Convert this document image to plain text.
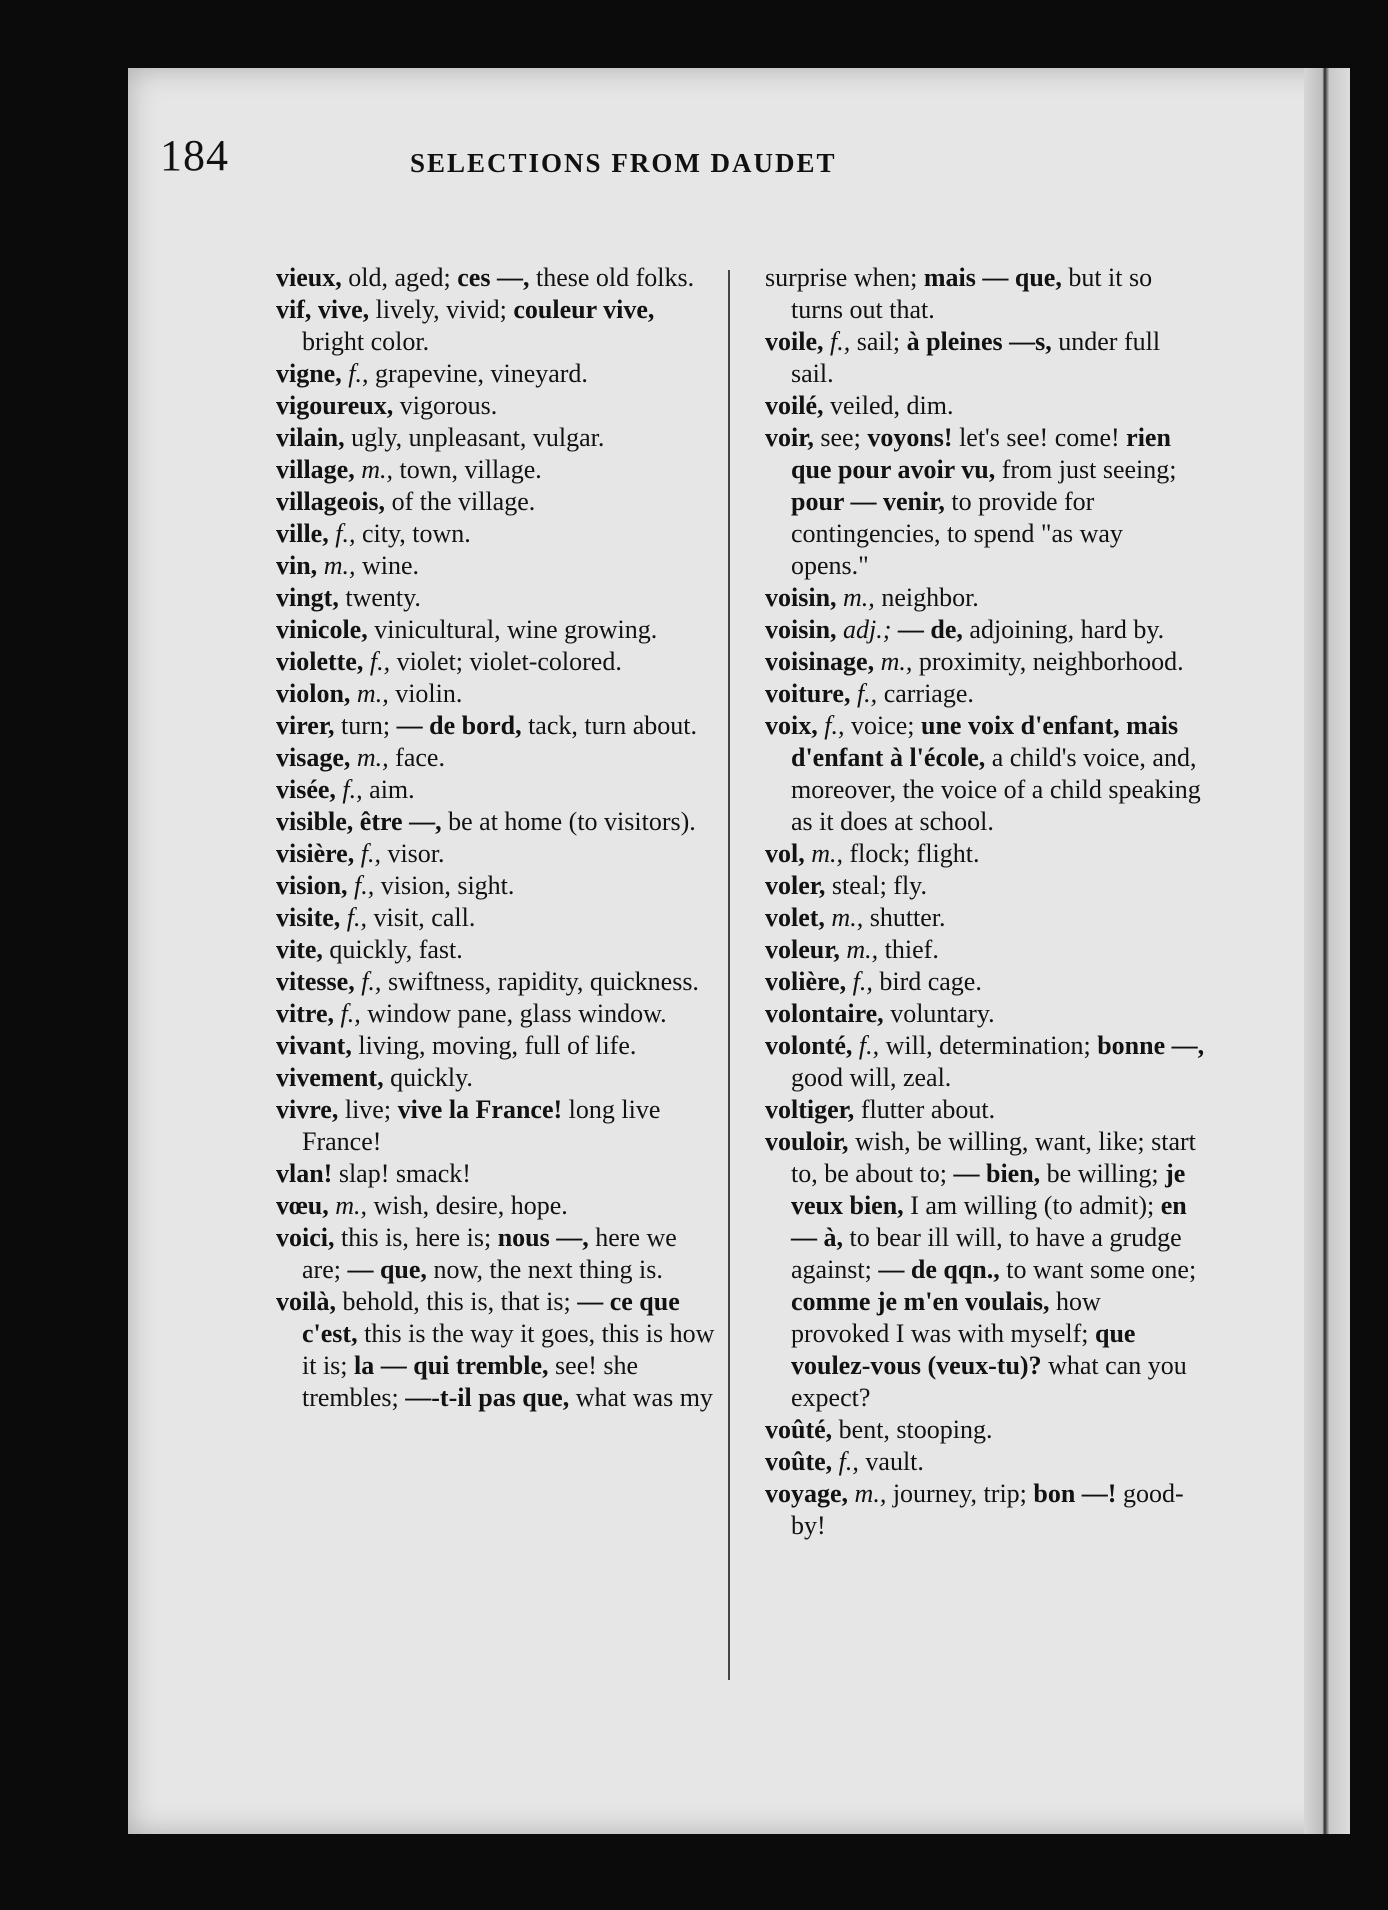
184	SELECTIONS FROM DAUDET

vieux, old, aged; ces —, these old folks.

vif, vive, lively, vivid; couleur vive, bright color.

vigne, f., grapevine, vineyard.

vigoureux, vigorous.

vilain, ugly, unpleasant, vulgar.

village, m., town, village.

villageois, of the village.

ville, f., city, town.

vin, m., wine.

vingt, twenty.

vinicole, vinicultural, wine growing.

violette, f., violet; violet-colored.

violon, m., violin.

virer, turn; — de bord, tack, turn about.

visage, m., face.

visée, f., aim.

visible, être —, be at home (to visitors).

visière, f., visor.

vision, f., vision, sight.

visite, f., visit, call.

vite, quickly, fast.

vitesse, f., swiftness, rapidity, quickness.

vitre, f., window pane, glass window.

vivant, living, moving, full of life.

vivement, quickly.

vivre, live; vive la France! long live France!

vlan! slap! smack!

vœu, m., wish, desire, hope.

voici, this is, here is; nous —, here we are; — que, now, the next thing is.

voilà, behold, this is, that is; — ce que c'est, this is the way it goes, this is how it is; la — qui tremble, see! she trembles; —-t-il pas que, what was my

surprise when; mais — que, but it so turns out that.

voile, f., sail; à pleines —s, under full sail.

voilé, veiled, dim.

voir, see; voyons! let's see! come! rien que pour avoir vu, from just seeing; pour — venir, to provide for contingencies, to spend "as way opens."

voisin, m., neighbor.

voisin, adj.; — de, adjoining, hard by.

voisinage, m., proximity, neighborhood.

voiture, f., carriage.

voix, f., voice; une voix d'enfant, mais d'enfant à l'école, a child's voice, and, moreover, the voice of a child speaking as it does at school.

vol, m., flock; flight.

voler, steal; fly.

volet, m., shutter.

voleur, m., thief.

volière, f., bird cage.

volontaire, voluntary.

volonté, f., will, determination; bonne —, good will, zeal.

voltiger, flutter about.

vouloir, wish, be willing, want, like; start to, be about to; — bien, be willing; je veux bien, I am willing (to admit); en — à, to bear ill will, to have a grudge against; — de qqn., to want some one; comme je m'en voulais, how provoked I was with myself; que voulez-vous (veux-tu)? what can you expect?

voûté, bent, stooping.

voûte, f., vault.

voyage, m., journey, trip; bon —! good-by!
